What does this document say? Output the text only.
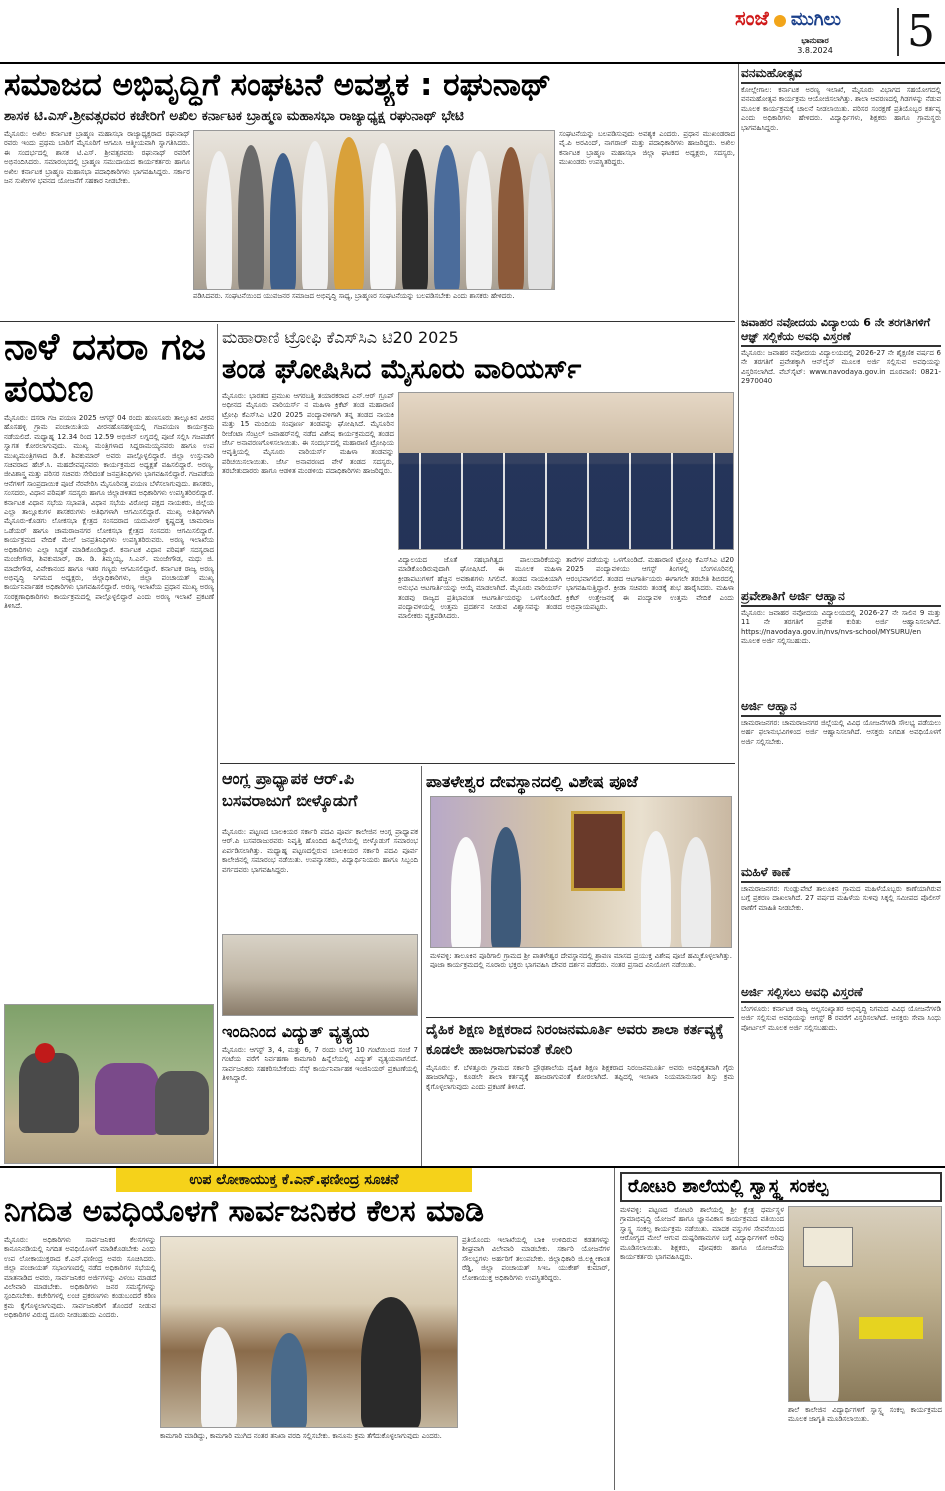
ಸಂಜೆ ಮುಗಿಲು
ಭಾನುವಾರ
3.8.2024	5
ಸಮಾಜದ ಅಭಿವೃದ್ಧಿಗೆ ಸಂಘಟನೆ ಅವಶ್ಯಕ : ರಘುನಾಥ್
ಶಾಸಕ ಟಿ.ಎಸ್.ಶ್ರೀವತ್ಸರವರ ಕಚೇರಿಗೆ ಅಖಿಲ ಕರ್ನಾಟಕ ಬ್ರಾಹ್ಮಣ ಮಹಾಸಭಾ ರಾಜ್ಯಾಧ್ಯಕ್ಷ ರಘುನಾಥ್ ಭೇಟಿ
ಮೈಸೂರು: ಅಖಿಲ ಕರ್ನಾಟಕ ಬ್ರಾಹ್ಮಣ ಮಹಾಸಭಾ ರಾಜ್ಯಾಧ್ಯಕ್ಷರಾದ ರಘುನಾಥ್ ರವರು ಇಂದು ಪ್ರಥಮ ಬಾರಿಗೆ ಮೈಸೂರಿಗೆ ಆಗಮಿಸಿ ಆತ್ಮೀಯವಾಗಿ ಸ್ವಾಗತಿಸಿದರು. ಈ ಸಂದರ್ಭದಲ್ಲಿ ಶಾಸಕ ಟಿ.ಎಸ್. ಶ್ರೀವತ್ಸರವರು ರಘುನಾಥ್ ರವರಿಗೆ ಅಭಿನಂದಿಸಿದರು. ಸಮಾರಂಭದಲ್ಲಿ ಬ್ರಾಹ್ಮಣ ಸಮುದಾಯದ ಕಾರ್ಯಕರ್ತರು ಹಾಗೂ ಅಖಿಲ ಕರ್ನಾಟಕ ಬ್ರಾಹ್ಮಣ ಮಹಾಸಭಾ ಪದಾಧಿಕಾರಿಗಳು ಭಾಗವಹಿಸಿದ್ದರು. ಸರ್ಕಾರ ಜನ ಸುಖೀಗಳ ಭವನದ ಯೋಜನೆಗೆ ಸಹಕಾರ ನೀಡಬೇಕು.
ಪಡಿಸಿದವರು. ಸಂಘಟನೆಯಿಂದ ಯುವಜನರ ಸಮಾಜದ ಅಭಿವೃದ್ಧಿ ಸಾಧ್ಯ, ಬ್ರಾಹ್ಮಣರ ಸಂಘಟನೆಯನ್ನು ಬಲಪಡಿಸಬೇಕು ಎಂದು ಶಾಸಕರು ಹೇಳಿದರು.
ಸಂಘಟನೆಯನ್ನು ಬಲಪಡಿಸುವುದು ಅವಶ್ಯಕ ಎಂದರು. ಪ್ರಧಾನ ಮುಖಂಡರಾದ ವೈ.ಪಿ ಅರವಿಂದ್, ನಾಗರಾಜ್ ಮತ್ತು ಪದಾಧಿಕಾರಿಗಳು ಹಾಜರಿದ್ದರು. ಅಖಿಲ ಕರ್ನಾಟಕ ಬ್ರಾಹ್ಮಣ ಮಹಾಸಭಾ ಜಿಲ್ಲಾ ಘಟಕದ ಅಧ್ಯಕ್ಷರು, ಸದಸ್ಯರು, ಮುಖಂಡರು ಉಪಸ್ಥಿತರಿದ್ದರು.
ನಾಳೆ ದಸರಾ ಗಜ ಪಯಣ
ಮೈಸೂರು: ದಸರಾ ಗಜ ಪಯಣ 2025 ಆಗಸ್ಟ್ 04 ರಂದು ಹುಣಸೂರು ತಾಲ್ಲೂಕಿನ ವೀರನ ಹೊಸಹಳ್ಳಿ ಗ್ರಾಮ ಪಂಚಾಯಿತಿಯ ವೀರನಹೊಸಹಳ್ಳಿಯಲ್ಲಿ ಗಜಪಯಣ ಕಾರ್ಯಕ್ರಮ ನಡೆಯಲಿದೆ. ಮಧ್ಯಾಹ್ನ 12.34 ರಿಂದ 12.59 ಅಭಿಜಿನ್ ಲಗ್ನದಲ್ಲಿ ಪೂಜೆ ಸಲ್ಲಿಸಿ ಗಜಪಡೆಗೆ ಸ್ವಾಗತ ಕೋರಲಾಗುವುದು. ಮುಖ್ಯ ಮಂತ್ರಿಗಳಾದ ಸಿದ್ದರಾಮಯ್ಯನವರು ಹಾಗೂ ಉಪ ಮುಖ್ಯಮಂತ್ರಿಗಳಾದ ಡಿ.ಕೆ. ಶಿವಕುಮಾರ್ ಅವರು ಪಾಲ್ಗೊಳ್ಳಲಿದ್ದಾರೆ. ಜಿಲ್ಲಾ ಉಸ್ತುವಾರಿ ಸಚಿವರಾದ ಹೆಚ್.ಸಿ. ಮಹದೇವಪ್ಪನವರು ಕಾರ್ಯಕ್ರಮದ ಅಧ್ಯಕ್ಷತೆ ವಹಿಸಲಿದ್ದಾರೆ. ಅರಣ್ಯ, ಜೀವಿಶಾಸ್ತ್ರ ಮತ್ತು ಪರಿಸರ ಸಚಿವರು ಸೇರಿದಂತೆ ಜನಪ್ರತಿನಿಧಿಗಳು ಭಾಗವಹಿಸಲಿದ್ದಾರೆ. ಗಜಪಡೆಯ ಆನೆಗಳಿಗೆ ಸಾಂಪ್ರದಾಯಿಕ ಪೂಜೆ ನೆರವೇರಿಸಿ ಮೈಸೂರಿನತ್ತ ಪಯಣ ಬೆಳೆಸಲಾಗುವುದು. ಶಾಸಕರು, ಸಂಸದರು, ವಿಧಾನ ಪರಿಷತ್ ಸದಸ್ಯರು ಹಾಗೂ ಜಿಲ್ಲಾಡಳಿತದ ಅಧಿಕಾರಿಗಳು ಉಪಸ್ಥಿತರಿರಲಿದ್ದಾರೆ. ಕರ್ನಾಟಕ ವಿಧಾನ ಸಭೆಯ ಸಭಾಪತಿ, ವಿಧಾನ ಸಭೆಯ ವಿರೋಧ ಪಕ್ಷದ ನಾಯಕರು, ಜಿಲ್ಲೆಯ ಎಲ್ಲಾ ತಾಲ್ಲೂಕುಗಳ ಶಾಸಕರುಗಳು ಅತಿಥಿಗಳಾಗಿ ಆಗಮಿಸಲಿದ್ದಾರೆ. ಮುಖ್ಯ ಅತಿಥಿಗಳಾಗಿ ಮೈಸೂರು-ಕೊಡಗು ಲೋಕಸಭಾ ಕ್ಷೇತ್ರದ ಸಂಸದರಾದ ಯದುವೀರ್ ಕೃಷ್ಣದತ್ತ ಚಾಮರಾಜ ಒಡೆಯರ್ ಹಾಗೂ ಚಾಮರಾಜನಗರ ಲೋಕಸಭಾ ಕ್ಷೇತ್ರದ ಸಂಸದರು ಆಗಮಿಸಲಿದ್ದಾರೆ. ಕಾರ್ಯಕ್ರಮದ ವೇದಿಕೆ ಮೇಲೆ ಜನಪ್ರತಿನಿಧಿಗಳು ಉಪಸ್ಥಿತರಿರುವರು. ಅರಣ್ಯ ಇಲಾಖೆಯ ಅಧಿಕಾರಿಗಳು ಎಲ್ಲಾ ಸಿದ್ಧತೆ ಮಾಡಿಕೊಂಡಿದ್ದಾರೆ. ಕರ್ನಾಟಕ ವಿಧಾನ ಪರಿಷತ್ ಸದಸ್ಯರಾದ ಮಂಜೇಗೌಡ, ಶಿವಕುಮಾರ್, ಡಾ. ಡಿ. ತಿಮ್ಮಯ್ಯ, ಸಿ.ಎನ್. ಮಂಜೇಗೌಡ, ಮಧು ಜಿ. ಮಾದೇಗೌಡ, ವಿವೇಕಾನಂದ ಹಾಗೂ ಇತರ ಗಣ್ಯರು ಆಗಮಿಸಲಿದ್ದಾರೆ. ಕರ್ನಾಟಕ ರಾಜ್ಯ ಅರಣ್ಯ ಅಭಿವೃದ್ಧಿ ನಿಗಮದ ಅಧ್ಯಕ್ಷರು, ಜಿಲ್ಲಾಧಿಕಾರಿಗಳು, ಜಿಲ್ಲಾ ಪಂಚಾಯತ್ ಮುಖ್ಯ ಕಾರ್ಯನಿರ್ವಾಹಕ ಅಧಿಕಾರಿಗಳು ಭಾಗವಹಿಸಲಿದ್ದಾರೆ. ಅರಣ್ಯ ಇಲಾಖೆಯ ಪ್ರಧಾನ ಮುಖ್ಯ ಅರಣ್ಯ ಸಂರಕ್ಷಣಾಧಿಕಾರಿಗಳು ಕಾರ್ಯಕ್ರಮದಲ್ಲಿ ಪಾಲ್ಗೊಳ್ಳಲಿದ್ದಾರೆ ಎಂದು ಅರಣ್ಯ ಇಲಾಖೆ ಪ್ರಕಟಣೆ ತಿಳಿಸಿದೆ.
ಮಹಾರಾಣಿ ಟ್ರೋಫಿ ಕೆಎಸ್‌ಸಿಎ ಟಿ20 2025
ತಂಡ ಘೋಷಿಸಿದ ಮೈಸೂರು ವಾರಿಯರ್ಸ್
ಮೈಸೂರು: ಭಾರತದ ಪ್ರಮುಖ ಆಗರಬತ್ತಿ ತಯಾರಕರಾದ ಎನ್.ಆರ್ ಗ್ರೂಪ್ ಅಧೀನದ ಮೈಸೂರು ವಾರಿಯರ್ಸ್ ನ ಮಹಿಳಾ ಕ್ರಿಕೆಟ್ ತಂಡ ಮಹಾರಾಣಿ ಟ್ರೋಫಿ ಕೆಎಸ್‌ಸಿಎ ಟಿ20 2025 ಪಂದ್ಯಾವಳಿಗಾಗಿ ತನ್ನ ತಂಡದ ನಾಯಕಿ ಮತ್ತು 15 ಮಂದಿಯ ಸಂಪೂರ್ಣ ತಂಡವನ್ನು ಘೋಷಿಸಿದೆ. ಮೈಸೂರಿನ ರೀಜೆಂಟಾ ಸೆಂಟ್ರಲ್ ಜವಾಹರ್‌ನಲ್ಲಿ ನಡೆದ ವಿಶೇಷ ಕಾರ್ಯಕ್ರಮದಲ್ಲಿ ತಂಡದ ಜೆರ್ಸಿ ಅನಾವರಣಗೊಳಿಸಲಾಯಿತು. ಈ ಸಂದರ್ಭದಲ್ಲಿ ಮಹಾರಾಣಿ ಟ್ರೋಫಿಯ ಆವೃತ್ತಿಯಲ್ಲಿ ಮೈಸೂರು ವಾರಿಯರ್ಸ್ ಮಹಿಳಾ ತಂಡವನ್ನು ಪರಿಚಯಿಸಲಾಯಿತು. ಜೆರ್ಸಿ ಅನಾವರಣದ ವೇಳೆ ತಂಡದ ಸದಸ್ಯರು, ತರಬೇತುದಾರರು ಹಾಗೂ ಆಡಳಿತ ಮಂಡಳಿಯ ಪದಾಧಿಕಾರಿಗಳು ಹಾಜರಿದ್ದರು.
ವಿದ್ಯಾಲಯದ ಜೊತೆ ಸಹಭಾಗಿತ್ವದ ಪಾಲುದಾರಿಕೆಯನ್ನು ಮಾಡಿಕೊಂಡಿರುವುದಾಗಿ ಘೋಷಿಸಿದೆ. ಈ ಮೂಲಕ ಮಹಿಳಾ ಕ್ರೀಡಾಪಟುಗಳಿಗೆ ಹೆಚ್ಚಿನ ಅವಕಾಶಗಳು ಸಿಗಲಿವೆ. ತಂಡದ ನಾಯಕಿಯಾಗಿ ಅನುಭವಿ ಆಟಗಾರ್ತಿಯನ್ನು ಆಯ್ಕೆ ಮಾಡಲಾಗಿದೆ. ಮೈಸೂರು ವಾರಿಯರ್ಸ್ ತಂಡವು ರಾಜ್ಯದ ಪ್ರತಿಭಾವಂತ ಆಟಗಾರ್ತಿಯರನ್ನು ಒಳಗೊಂಡಿದೆ. ಪಂದ್ಯಾವಳಿಯಲ್ಲಿ ಉತ್ತಮ ಪ್ರದರ್ಶನ ನೀಡುವ ವಿಶ್ವಾಸವನ್ನು ತಂಡದ ಮಾಲೀಕರು ವ್ಯಕ್ತಪಡಿಸಿದರು.
ತಾರೆಗಳ ಪಡೆಯನ್ನು ಒಳಗೊಂಡಿದೆ. ಮಹಾರಾಣಿ ಟ್ರೋಫಿ ಕೆಎಸ್‌ಸಿಎ ಟಿ20 2025 ಪಂದ್ಯಾವಳಿಯು ಆಗಸ್ಟ್ ತಿಂಗಳಲ್ಲಿ ಬೆಂಗಳೂರಿನಲ್ಲಿ ಆರಂಭವಾಗಲಿದೆ. ತಂಡದ ಆಟಗಾರ್ತಿಯರು ಈಗಾಗಲೇ ತರಬೇತಿ ಶಿಬಿರದಲ್ಲಿ ಭಾಗವಹಿಸುತ್ತಿದ್ದಾರೆ. ಕ್ರೀಡಾ ಸಚಿವರು ತಂಡಕ್ಕೆ ಶುಭ ಹಾರೈಸಿದರು. ಮಹಿಳಾ ಕ್ರಿಕೆಟ್ ಉತ್ತೇಜನಕ್ಕೆ ಈ ಪಂದ್ಯಾವಳಿ ಉತ್ತಮ ವೇದಿಕೆ ಎಂದು ಅಭಿಪ್ರಾಯಪಟ್ಟರು.
ಆಂಗ್ಲ ಪ್ರಾಧ್ಯಾಪಕ ಆರ್.ಪಿ ಬಸವರಾಜುಗೆ ಬೀಳ್ಕೊಡುಗೆ
ಮೈಸೂರು: ಪಟ್ಟಣದ ಬಾಲಕಿಯರ ಸರ್ಕಾರಿ ಪದವಿ ಪೂರ್ವ ಕಾಲೇಜಿನ ಆಂಗ್ಲ ಪ್ರಾಧ್ಯಾಪಕ ಆರ್.ಪಿ ಬಸವರಾಜುರವರು ನಿವೃತ್ತಿ ಹೊಂದಿದ ಹಿನ್ನೆಲೆಯಲ್ಲಿ ಬೀಳ್ಕೊಡುಗೆ ಸಮಾರಂಭ ಏರ್ಪಡಿಸಲಾಗಿತ್ತು. ಮಧ್ಯಾಹ್ನ ಪಟ್ಟಣದಲ್ಲಿರುವ ಬಾಲಕಿಯರ ಸರ್ಕಾರಿ ಪದವಿ ಪೂರ್ವ ಕಾಲೇಜಿನಲ್ಲಿ ಸಮಾರಂಭ ನಡೆಯಿತು. ಉಪನ್ಯಾಸಕರು, ವಿದ್ಯಾರ್ಥಿನಿಯರು ಹಾಗೂ ಸಿಬ್ಬಂದಿ ವರ್ಗದವರು ಭಾಗವಹಿಸಿದ್ದರು.
ಇಂದಿನಿಂದ ವಿದ್ಯುತ್ ವ್ಯತ್ಯಯ
ಮೈಸೂರು: ಆಗಸ್ಟ್ 3, 4, ಮತ್ತು 6, 7 ರಂದು ಬೆಳಗ್ಗೆ 10 ಗಂಟೆಯಿಂದ ಸಂಜೆ 7 ಗಂಟೆಯ ವರೆಗೆ ನಿರ್ವಹಣಾ ಕಾಮಗಾರಿ ಹಿನ್ನೆಲೆಯಲ್ಲಿ ವಿದ್ಯುತ್ ವ್ಯತ್ಯಯವಾಗಲಿದೆ. ಸಾರ್ವಜನಿಕರು ಸಹಕರಿಸಬೇಕೆಂದು ಸೆಸ್ಕ್ ಕಾರ್ಯನಿರ್ವಾಹಕ ಇಂಜಿನಿಯರ್ ಪ್ರಕಟಣೆಯಲ್ಲಿ ತಿಳಿಸಿದ್ದಾರೆ.
ಪಾತಳೇಶ್ವರ ದೇವಸ್ಥಾನದಲ್ಲಿ ವಿಶೇಷ ಪೂಜೆ
ಮಳವಳ್ಳಿ: ತಾಲೂಕಿನ ಪೂರಿಗಾಲಿ ಗ್ರಾಮದ ಶ್ರೀ ಪಾತಳೇಶ್ವರ ದೇವಸ್ಥಾನದಲ್ಲಿ ಶ್ರಾವಣ ಮಾಸದ ಪ್ರಯುಕ್ತ ವಿಶೇಷ ಪೂಜೆ ಹಮ್ಮಿಕೊಳ್ಳಲಾಗಿತ್ತು. ಪೂಜಾ ಕಾರ್ಯಕ್ರಮದಲ್ಲಿ ನೂರಾರು ಭಕ್ತರು ಭಾಗವಹಿಸಿ ದೇವರ ದರ್ಶನ ಪಡೆದರು. ನಂತರ ಪ್ರಸಾದ ವಿನಿಯೋಗ ನಡೆಯಿತು.
ದೈಹಿಕ ಶಿಕ್ಷಣ ಶಿಕ್ಷಕರಾದ ನಿರಂಜನಮೂರ್ತಿ ಅವರು ಶಾಲಾ ಕರ್ತವ್ಯಕ್ಕೆ ಕೂಡಲೇ ಹಾಜರಾಗುವಂತೆ ಕೋರಿ
ಮೈಸೂರು: ಕೆ. ಬೆಳತ್ತೂರು ಗ್ರಾಮದ ಸರ್ಕಾರಿ ಪ್ರೌಢಶಾಲೆಯ ದೈಹಿಕ ಶಿಕ್ಷಣ ಶಿಕ್ಷಕರಾದ ನಿರಂಜನಮೂರ್ತಿ ಅವರು ಅನಧಿಕೃತವಾಗಿ ಗೈರು ಹಾಜರಾಗಿದ್ದು, ಕೂಡಲೇ ಶಾಲಾ ಕರ್ತವ್ಯಕ್ಕೆ ಹಾಜರಾಗುವಂತೆ ಕೋರಲಾಗಿದೆ. ತಪ್ಪಿದಲ್ಲಿ ಇಲಾಖಾ ನಿಯಮಾನುಸಾರ ಶಿಸ್ತು ಕ್ರಮ ಕೈಗೊಳ್ಳಲಾಗುವುದು ಎಂದು ಪ್ರಕಟಣೆ ತಿಳಿಸಿದೆ.
ವನಮಹೋತ್ಸವ
ಕೋಲ್ಲೇಗಾಲ: ಕರ್ನಾಟಕ ಅರಣ್ಯ ಇಲಾಖೆ, ಮೈಸೂರು ವಿಭಾಗದ ಸಹಯೋಗದಲ್ಲಿ ವನಮಹೋತ್ಸವ ಕಾರ್ಯಕ್ರಮ ಆಯೋಜಿಸಲಾಗಿತ್ತು. ಶಾಲಾ ಆವರಣದಲ್ಲಿ ಗಿಡಗಳನ್ನು ನೆಡುವ ಮೂಲಕ ಕಾರ್ಯಕ್ರಮಕ್ಕೆ ಚಾಲನೆ ನೀಡಲಾಯಿತು. ಪರಿಸರ ಸಂರಕ್ಷಣೆ ಪ್ರತಿಯೊಬ್ಬರ ಕರ್ತವ್ಯ ಎಂದು ಅಧಿಕಾರಿಗಳು ಹೇಳಿದರು. ವಿದ್ಯಾರ್ಥಿಗಳು, ಶಿಕ್ಷಕರು ಹಾಗೂ ಗ್ರಾಮಸ್ಥರು ಭಾಗವಹಿಸಿದ್ದರು.
ಜವಾಹರ ನವೋದಯ ವಿದ್ಯಾಲಯ 6 ನೇ ತರಗತಿಗಳಿಗೆ ಆಜ್ಞ್ ಸಲ್ಲಿಕೆಯ ಅವಧಿ ವಿಸ್ತರಣೆ
ಮೈಸೂರು: ಜವಾಹರ ನವೋದಯ ವಿದ್ಯಾಲಯದಲ್ಲಿ 2026-27 ನೇ ಶೈಕ್ಷಣಿಕ ವರ್ಷದ 6 ನೇ ತರಗತಿಗೆ ಪ್ರವೇಶಕ್ಕಾಗಿ ಆನ್‌ಲೈನ್ ಮೂಲಕ ಅರ್ಜಿ ಸಲ್ಲಿಸುವ ಅವಧಿಯನ್ನು ವಿಸ್ತರಿಸಲಾಗಿದೆ. ವೆಬ್‌ಸೈಟ್: www.navodaya.gov.in ದೂರವಾಣಿ: 0821-2970040
ಪ್ರವೇಶಾತಿಗೆ ಅರ್ಜಿ ಆಹ್ವಾನ
ಮೈಸೂರು: ಜವಾಹರ ನವೋದಯ ವಿದ್ಯಾಲಯದಲ್ಲಿ 2026-27 ನೇ ಸಾಲಿನ 9 ಮತ್ತು 11 ನೇ ತರಗತಿಗೆ ಪ್ರವೇಶ ಕುರಿತು ಅರ್ಜಿ ಆಹ್ವಾನಿಸಲಾಗಿದೆ. https://navodaya.gov.in/nvs/nvs-school/MYSURU/en ಮೂಲಕ ಅರ್ಜಿ ಸಲ್ಲಿಸಬಹುದು.
ಅರ್ಜಿ ಆಹ್ವಾನ
ಚಾಮರಾಜನಗರ: ಚಾಮರಾಜನಗರ ಜಿಲ್ಲೆಯಲ್ಲಿ ವಿವಿಧ ಯೋಜನೆಗಳಡಿ ಸೌಲಭ್ಯ ಪಡೆಯಲು ಅರ್ಹ ಫಲಾನುಭವಿಗಳಿಂದ ಅರ್ಜಿ ಆಹ್ವಾನಿಸಲಾಗಿದೆ. ಆಸಕ್ತರು ನಿಗದಿತ ಅವಧಿಯೊಳಗೆ ಅರ್ಜಿ ಸಲ್ಲಿಸಬೇಕು.
ಮಹಿಳೆ ಕಾಣೆ
ಚಾಮರಾಜನಗರ: ಗುಂಡ್ಲುಪೇಟೆ ತಾಲೂಕಿನ ಗ್ರಾಮದ ಮಹಿಳೆಯೊಬ್ಬರು ಕಾಣೆಯಾಗಿರುವ ಬಗ್ಗೆ ಪ್ರಕರಣ ದಾಖಲಾಗಿದೆ. 27 ವರ್ಷದ ಮಹಿಳೆಯ ಸುಳಿವು ಸಿಕ್ಕಲ್ಲಿ ಸಮೀಪದ ಪೊಲೀಸ್ ಠಾಣೆಗೆ ಮಾಹಿತಿ ನೀಡಬೇಕು.
ಅರ್ಜಿ ಸಲ್ಲಿಸಲು ಅವಧಿ ವಿಸ್ತರಣೆ
ಬೆಂಗಳೂರು: ಕರ್ನಾಟಕ ರಾಜ್ಯ ಅಲ್ಪಸಂಖ್ಯಾತರ ಅಭಿವೃದ್ಧಿ ನಿಗಮದ ವಿವಿಧ ಯೋಜನೆಗಳಡಿ ಅರ್ಜಿ ಸಲ್ಲಿಸುವ ಅವಧಿಯನ್ನು ಆಗಸ್ಟ್ 8 ರವರೆಗೆ ವಿಸ್ತರಿಸಲಾಗಿದೆ. ಆಸಕ್ತರು ಸೇವಾ ಸಿಂಧು ಪೋರ್ಟಲ್ ಮೂಲಕ ಅರ್ಜಿ ಸಲ್ಲಿಸಬಹುದು.
ಉಪ ಲೋಕಾಯುಕ್ತ ಕೆ.ಎನ್.ಫಣೀಂದ್ರ ಸೂಚನೆ
ನಿಗದಿತ ಅವಧಿಯೊಳಗೆ ಸಾರ್ವಜನಿಕರ ಕೆಲಸ ಮಾಡಿ
ಮೈಸೂರು: ಅಧಿಕಾರಿಗಳು ಸಾರ್ವಜನಿಕರ ಕೆಲಸಗಳನ್ನು ಕಾನೂನಿನಡಿಯಲ್ಲಿ ನಿಗದಿತ ಅವಧಿಯೊಳಗೆ ಮಾಡಿಕೊಡಬೇಕು ಎಂದು ಉಪ ಲೋಕಾಯುಕ್ತರಾದ ಕೆ.ಎನ್.ಫಣೀಂದ್ರ ಅವರು ಸೂಚಿಸಿದರು. ಜಿಲ್ಲಾ ಪಂಚಾಯತ್ ಸಭಾಂಗಣದಲ್ಲಿ ನಡೆದ ಅಧಿಕಾರಿಗಳ ಸಭೆಯಲ್ಲಿ ಮಾತನಾಡಿದ ಅವರು, ಸಾರ್ವಜನಿಕರ ಅರ್ಜಿಗಳನ್ನು ವಿಳಂಬ ಮಾಡದೆ ವಿಲೇವಾರಿ ಮಾಡಬೇಕು. ಅಧಿಕಾರಿಗಳು ಜನರ ಸಮಸ್ಯೆಗಳನ್ನು ಸ್ಪಂದಿಸಬೇಕು. ಕಚೇರಿಗಳಲ್ಲಿ ಲಂಚ ಪ್ರಕರಣಗಳು ಕಂಡುಬಂದರೆ ಕಠಿಣ ಕ್ರಮ ಕೈಗೊಳ್ಳಲಾಗುವುದು. ಸಾರ್ವಜನಿಕರಿಗೆ ತೊಂದರೆ ನೀಡುವ ಅಧಿಕಾರಿಗಳ ವಿರುದ್ಧ ದೂರು ನೀಡಬಹುದು ಎಂದರು.
ಕಾಮಗಾರಿ ಮಾಡಿದ್ದು, ಕಾಮಗಾರಿ ಮುಗಿದ ನಂತರ ತನಿಖಾ ವರದಿ ಸಲ್ಲಿಸಬೇಕು. ಕಾನೂನು ಕ್ರಮ ತೆಗೆದುಕೊಳ್ಳಲಾಗುವುದು ಎಂದರು.
ಪ್ರತಿಯೊಂದು ಇಲಾಖೆಯಲ್ಲಿ ಬಾಕಿ ಉಳಿದಿರುವ ಕಡತಗಳನ್ನು ಶೀಘ್ರವಾಗಿ ವಿಲೇವಾರಿ ಮಾಡಬೇಕು. ಸರ್ಕಾರಿ ಯೋಜನೆಗಳ ಸೌಲಭ್ಯಗಳು ಅರ್ಹರಿಗೆ ತಲುಪಬೇಕು. ಜಿಲ್ಲಾಧಿಕಾರಿ ಜಿ.ಲಕ್ಷ್ಮೀಕಾಂತ ರೆಡ್ಡಿ, ಜಿಲ್ಲಾ ಪಂಚಾಯತ್ ಸಿಇಒ ಯುಕೇಶ್ ಕುಮಾರ್, ಲೋಕಾಯುಕ್ತ ಅಧಿಕಾರಿಗಳು ಉಪಸ್ಥಿತರಿದ್ದರು.
ರೋಟರಿ ಶಾಲೆಯಲ್ಲಿ ಸ್ವಾಸ್ಥ್ಯ ಸಂಕಲ್ಪ
ಮಳವಳ್ಳಿ: ಪಟ್ಟಣದ ರೋಟರಿ ಶಾಲೆಯಲ್ಲಿ ಶ್ರೀ ಕ್ಷೇತ್ರ ಧರ್ಮಸ್ಥಳ ಗ್ರಾಮಾಭಿವೃದ್ಧಿ ಯೋಜನೆ ಹಾಗೂ ಜ್ಞಾನವಿಕಾಸ ಕಾರ್ಯಕ್ರಮದ ವತಿಯಿಂದ ಸ್ವಾಸ್ಥ್ಯ ಸಂಕಲ್ಪ ಕಾರ್ಯಕ್ರಮ ನಡೆಯಿತು. ಮಾದಕ ವಸ್ತುಗಳ ಸೇವನೆಯಿಂದ ಆರೋಗ್ಯದ ಮೇಲೆ ಆಗುವ ದುಷ್ಪರಿಣಾಮಗಳ ಬಗ್ಗೆ ವಿದ್ಯಾರ್ಥಿಗಳಿಗೆ ಅರಿವು ಮೂಡಿಸಲಾಯಿತು. ಶಿಕ್ಷಕರು, ಪೋಷಕರು ಹಾಗೂ ಯೋಜನೆಯ ಕಾರ್ಯಕರ್ತರು ಭಾಗವಹಿಸಿದ್ದರು.
ಶಾಲೆ ಕಾಲೇಜಿನ ವಿದ್ಯಾರ್ಥಿಗಳಿಗೆ ಸ್ವಾಸ್ಥ್ಯ ಸಂಕಲ್ಪ ಕಾರ್ಯಕ್ರಮದ ಮೂಲಕ ಜಾಗೃತಿ ಮೂಡಿಸಲಾಯಿತು.
